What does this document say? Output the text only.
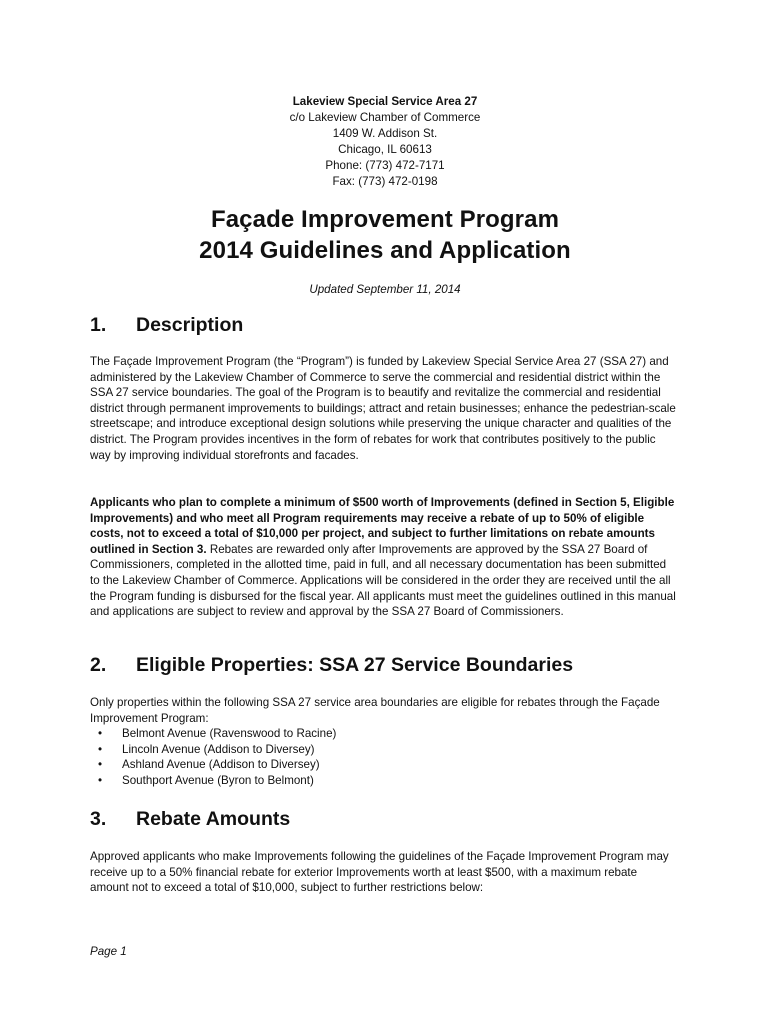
Lakeview Special Service Area 27
c/o Lakeview Chamber of Commerce
1409 W. Addison St.
Chicago, IL 60613
Phone: (773) 472-7171
Fax: (773) 472-0198
Façade Improvement Program
2014 Guidelines and Application
Updated September 11, 2014
1.	Description

The Façade Improvement Program (the “Program”) is funded by Lakeview Special Service Area 27 (SSA 27) and administered by the Lakeview Chamber of Commerce to serve the commercial and residential district within the SSA 27 service boundaries. The goal of the Program is to beautify and revitalize the commercial and residential district through permanent improvements to buildings; attract and retain businesses; enhance the pedestrian-scale streetscape; and introduce exceptional design solutions while preserving the unique character and qualities of the district. The Program provides incentives in the form of rebates for work that contributes positively to the public way by improving individual storefronts and facades.

Applicants who plan to complete a minimum of $500 worth of Improvements (defined in Section 5, Eligible Improvements) and who meet all Program requirements may receive a rebate of up to 50% of eligible costs, not to exceed a total of $10,000 per project, and subject to further limitations on rebate amounts outlined in Section 3. Rebates are rewarded only after Improvements are approved by the SSA 27 Board of Commissioners, completed in the allotted time, paid in full, and all necessary documentation has been submitted to the Lakeview Chamber of Commerce. Applications will be considered in the order they are received until the all the Program funding is disbursed for the fiscal year. All applicants must meet the guidelines outlined in this manual and applications are subject to review and approval by the SSA 27 Board of Commissioners.

2.	Eligible Properties: SSA 27 Service Boundaries

Only properties within the following SSA 27 service area boundaries are eligible for rebates through the Façade Improvement Program:

• Belmont Avenue (Ravenswood to Racine)
• Lincoln Avenue (Addison to Diversey)
• Ashland Avenue (Addison to Diversey)
• Southport Avenue (Byron to Belmont)
3.	Rebate Amounts

Approved applicants who make Improvements following the guidelines of the Façade Improvement Program may receive up to a 50% financial rebate for exterior Improvements worth at least $500, with a maximum rebate amount not to exceed a total of $10,000, subject to further restrictions below:

Page 1
